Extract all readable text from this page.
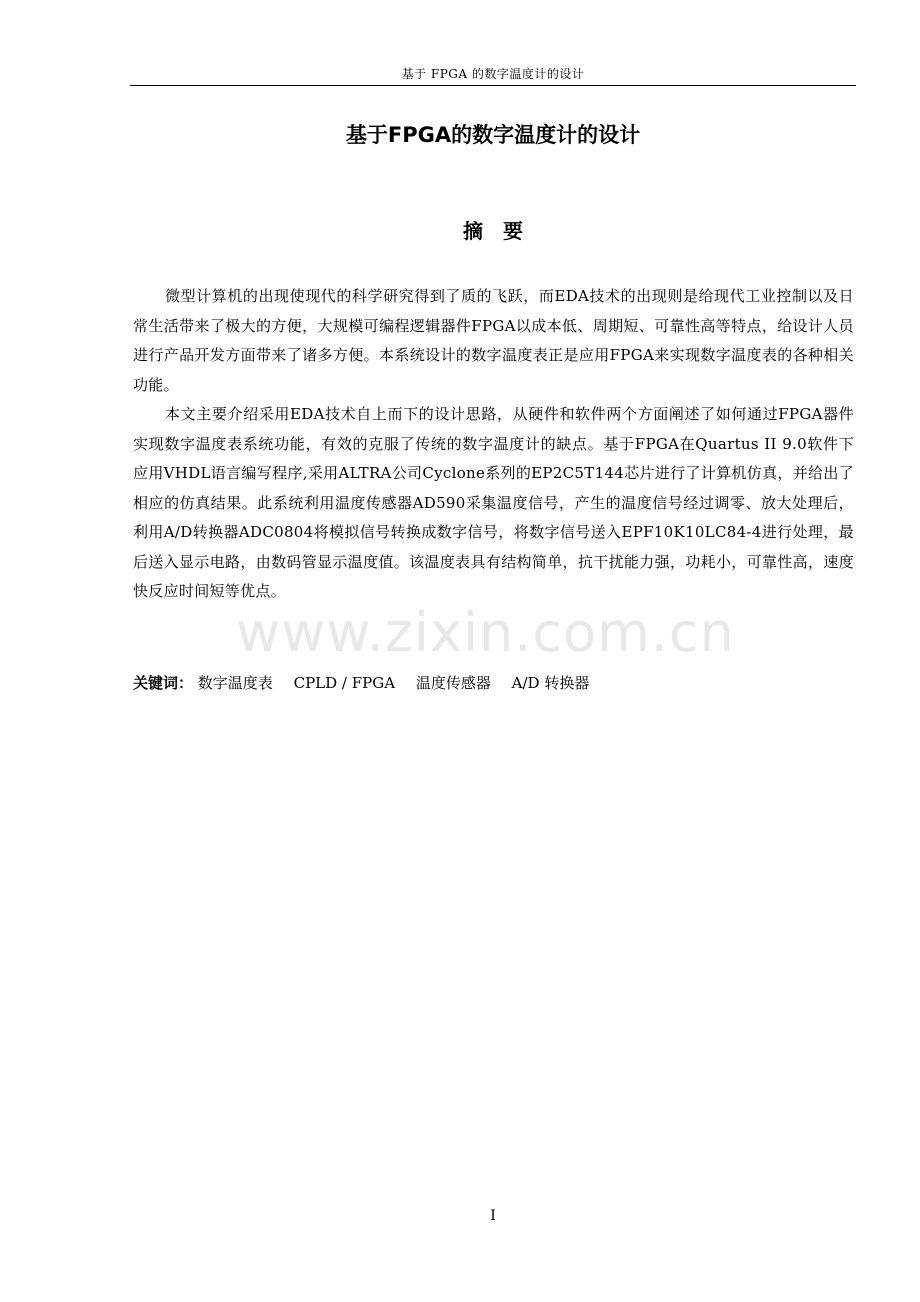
基于 FPGA 的数字温度计的设计
基于FPGA的数字温度计的设计
摘要

微型计算机的出现使现代的科学研究得到了质的飞跃，而EDA技术的出现则是给现代工业控制以及日常生活带来了极大的方便，大规模可编程逻辑器件FPGA以成本低、周期短、可靠性高等特点，给设计人员进行产品开发方面带来了诸多方便。本系统设计的数字温度表正是应用FPGA来实现数字温度表的各种相关功能。

本文主要介绍采用EDA技术自上而下的设计思路，从硬件和软件两个方面阐述了如何通过FPGA器件实现数字温度表系统功能，有效的克服了传统的数字温度计的缺点。基于FPGA在Quartus II 9.0软件下应用VHDL语言编写程序,采用ALTRA公司Cyclone系列的EP2C5T144芯片进行了计算机仿真，并给出了相应的仿真结果。此系统利用温度传感器AD590采集温度信号，产生的温度信号经过调零、放大处理后，利用A/D转换器ADC0804将模拟信号转换成数字信号，将数字信号送入EPF10K10LC84-4进行处理，最后送入显示电路，由数码管显示温度值。该温度表具有结构简单，抗干扰能力强，功耗小，可靠性高，速度快反应时间短等优点。

关键词： 数字温度表 CPLD / FPGA 温度传感器 A/D 转换器
www.zixin.com.cn
I
